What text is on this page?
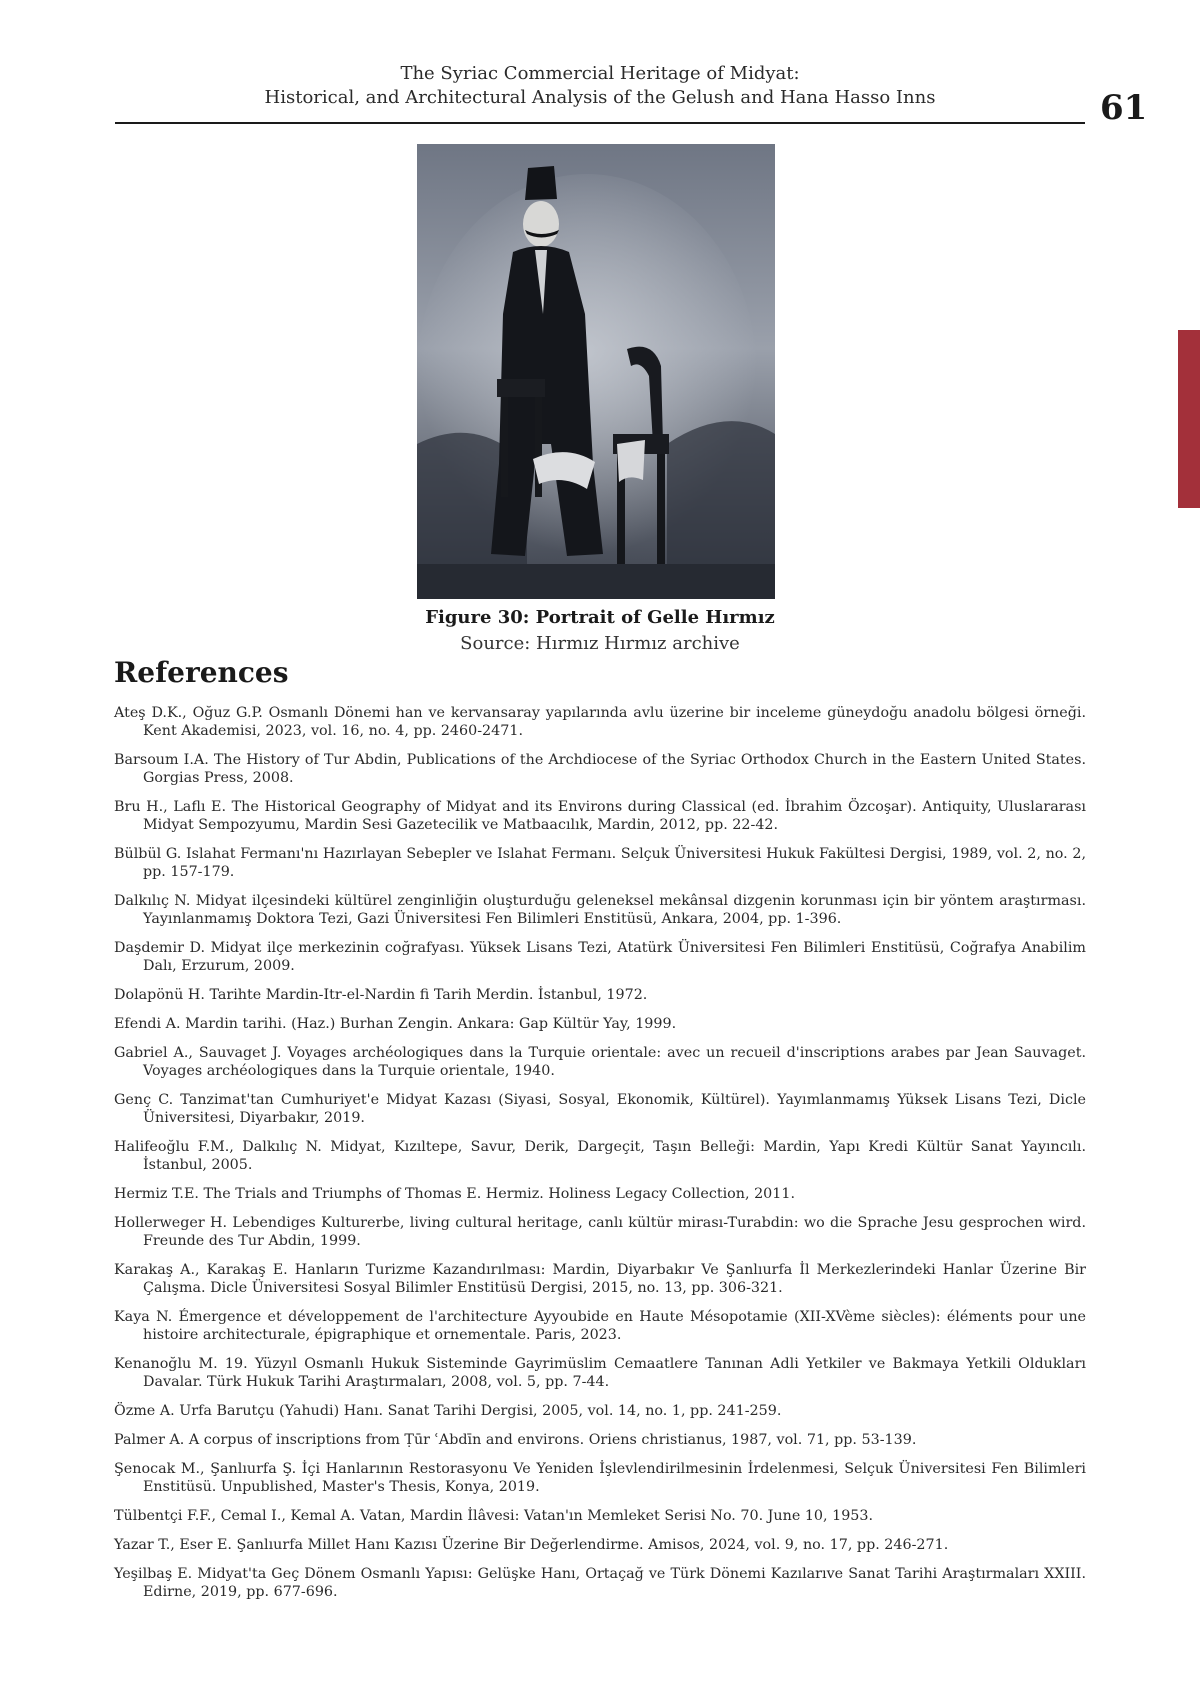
The Syriac Commercial Heritage of Midyat:
Historical, and Architectural Analysis of the Gelush and Hana Hasso Inns	61
Figure 30: Portrait of Gelle Hırmız
Source: Hırmız Hırmız archive
References
Ateş D.K., Oğuz G.P. Osmanlı Dönemi han ve kervansaray yapılarında avlu üzerine bir inceleme güneydoğu anadolu bölgesi örneği. Kent Akademisi, 2023, vol. 16, no. 4, pp. 2460-2471.
Barsoum I.A. The History of Tur Abdin, Publications of the Archdiocese of the Syriac Orthodox Church in the Eastern United States. Gorgias Press, 2008.
Bru H., Laflı E. The Historical Geography of Midyat and its Environs during Classical (ed. İbrahim Özcoşar). Antiquity, Uluslararası Midyat Sempozyumu, Mardin Sesi Gazetecilik ve Matbaacılık, Mardin, 2012, pp. 22-42.
Bülbül G. Islahat Fermanı'nı Hazırlayan Sebepler ve Islahat Fermanı. Selçuk Üniversitesi Hukuk Fakültesi Dergisi, 1989, vol. 2, no. 2, pp. 157-179.
Dalkılıç N. Midyat ilçesindeki kültürel zenginliğin oluşturduğu geleneksel mekânsal dizgenin korunması için bir yöntem araştırması. Yayınlanmamış Doktora Tezi, Gazi Üniversitesi Fen Bilimleri Enstitüsü, Ankara, 2004, pp. 1-396.
Daşdemir D. Midyat ilçe merkezinin coğrafyası. Yüksek Lisans Tezi, Atatürk Üniversitesi Fen Bilimleri Enstitüsü, Coğrafya Anabilim Dalı, Erzurum, 2009.
Dolapönü H. Tarihte Mardin-Itr-el-Nardin fi Tarih Merdin. İstanbul, 1972.
Efendi A. Mardin tarihi. (Haz.) Burhan Zengin. Ankara: Gap Kültür Yay, 1999.
Gabriel A., Sauvaget J. Voyages archéologiques dans la Turquie orientale: avec un recueil d'inscriptions arabes par Jean Sauvaget. Voyages archéologiques dans la Turquie orientale, 1940.
Genç C. Tanzimat'tan Cumhuriyet'e Midyat Kazası (Siyasi, Sosyal, Ekonomik, Kültürel). Yayımlanmamış Yüksek Lisans Tezi, Dicle Üniversitesi, Diyarbakır, 2019.
Halifeoğlu F.M., Dalkılıç N. Midyat, Kızıltepe, Savur, Derik, Dargeçit, Taşın Belleği: Mardin, Yapı Kredi Kültür Sanat Yayıncılı. İstanbul, 2005.
Hermiz T.E. The Trials and Triumphs of Thomas E. Hermiz. Holiness Legacy Collection, 2011.
Hollerweger H. Lebendiges Kulturerbe, living cultural heritage, canlı kültür mirası-Turabdin: wo die Sprache Jesu gesprochen wird. Freunde des Tur Abdin, 1999.
Karakaş A., Karakaş E. Hanların Turizme Kazandırılması: Mardin, Diyarbakır Ve Şanlıurfa İl Merkezlerindeki Hanlar Üzerine Bir Çalışma. Dicle Üniversitesi Sosyal Bilimler Enstitüsü Dergisi, 2015, no. 13, pp. 306-321.
Kaya N. Émergence et développement de l'architecture Ayyoubide en Haute Mésopotamie (XII-XVème siècles): éléments pour une histoire architecturale, épigraphique et ornementale. Paris, 2023.
Kenanoğlu M. 19. Yüzyıl Osmanlı Hukuk Sisteminde Gayrimüslim Cemaatlere Tanınan Adli Yetkiler ve Bakmaya Yetkili Oldukları Davalar. Türk Hukuk Tarihi Araştırmaları, 2008, vol. 5, pp. 7-44.
Özme A. Urfa Barutçu (Yahudi) Hanı. Sanat Tarihi Dergisi, 2005, vol. 14, no. 1, pp. 241-259.
Palmer A. A corpus of inscriptions from Ṭūr ʿAbdīn and environs. Oriens christianus, 1987, vol. 71, pp. 53-139.
Şenocak M., Şanlıurfa Ş. İçi Hanlarının Restorasyonu Ve Yeniden İşlevlendirilmesinin İrdelenmesi, Selçuk Üniversitesi Fen Bilimleri Enstitüsü. Unpublished, Master's Thesis, Konya, 2019.
Tülbentçi F.F., Cemal I., Kemal A. Vatan, Mardin İlâvesi: Vatan'ın Memleket Serisi No. 70. June 10, 1953.
Yazar T., Eser E. Şanlıurfa Millet Hanı Kazısı Üzerine Bir Değerlendirme. Amisos, 2024, vol. 9, no. 17, pp. 246-271.
Yeşilbaş E. Midyat'ta Geç Dönem Osmanlı Yapısı: Gelüşke Hanı, Ortaçağ ve Türk Dönemi Kazılarıve Sanat Tarihi Araştırmaları XXIII. Edirne, 2019, pp. 677-696.
